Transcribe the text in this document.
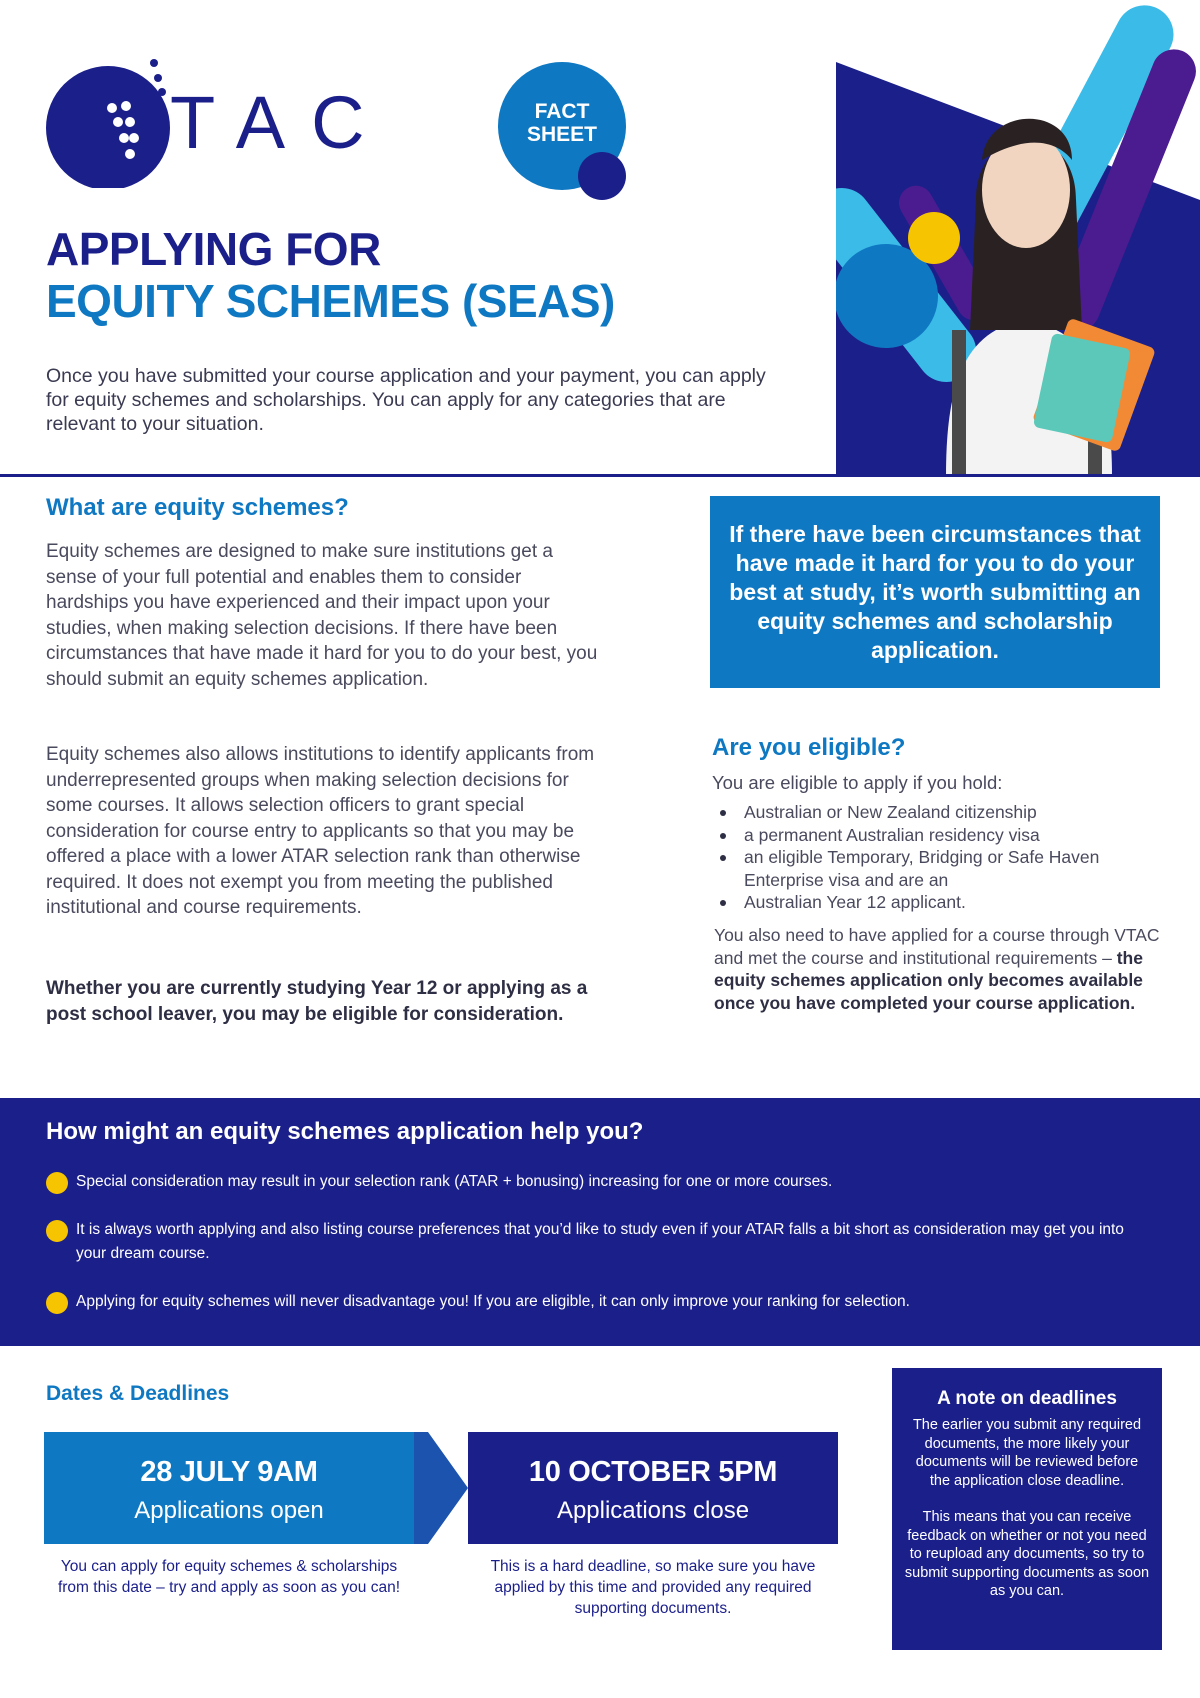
TAC	FACT SHEET
APPLYING FOR
EQUITY SCHEMES (SEAS)

Once you have submitted your course application and your payment, you can apply for equity schemes and scholarships. You can apply for any categories that are relevant to your situation.

What are equity schemes?

Equity schemes are designed to make sure institutions get a sense of your full potential and enables them to consider hardships you have experienced and their impact upon your studies, when making selection decisions. If there have been circumstances that have made it hard for you to do your best, you should submit an equity schemes application.

Equity schemes also allows institutions to identify applicants from underrepresented groups when making selection decisions for some courses. It allows selection officers to grant special consideration for course entry to applicants so that you may be offered a place with a lower ATAR selection rank than otherwise required. It does not exempt you from meeting the published institutional and course requirements.

Whether you are currently studying Year 12 or applying as a post school leaver, you may be eligible for consideration.

If there have been circumstances that have made it hard for you to do your best at study, it’s worth submitting an equity schemes and scholarship application.
Are you eligible?
You are eligible to apply if you hold:
Australian or New Zealand citizenship
a permanent Australian residency visa
an eligible Temporary, Bridging or Safe Haven Enterprise visa and are an
Australian Year 12 applicant.

You also need to have applied for a course through VTAC and met the course and institutional requirements – the equity schemes application only becomes available once you have completed your course application.

How might an equity schemes application help you?
Special consideration may result in your selection rank (ATAR + bonusing) increasing for one or more courses.
It is always worth applying and also listing course preferences that you’d like to study even if your ATAR falls a bit short as consideration may get you into your dream course.
Applying for equity schemes will never disadvantage you! If you are eligible, it can only improve your ranking for selection.
Dates & Deadlines
28 JULY 9AM
Applications open
10 OCTOBER 5PM
Applications close

You can apply for equity schemes & scholarships from this date – try and apply as soon as you can!

This is a hard deadline, so make sure you have applied by this time and provided any required supporting documents.

A note on deadlines

The earlier you submit any required documents, the more likely your documents will be reviewed before the application close deadline.

This means that you can receive feedback on whether or not you need to reupload any documents, so try to submit supporting documents as soon as you can.
